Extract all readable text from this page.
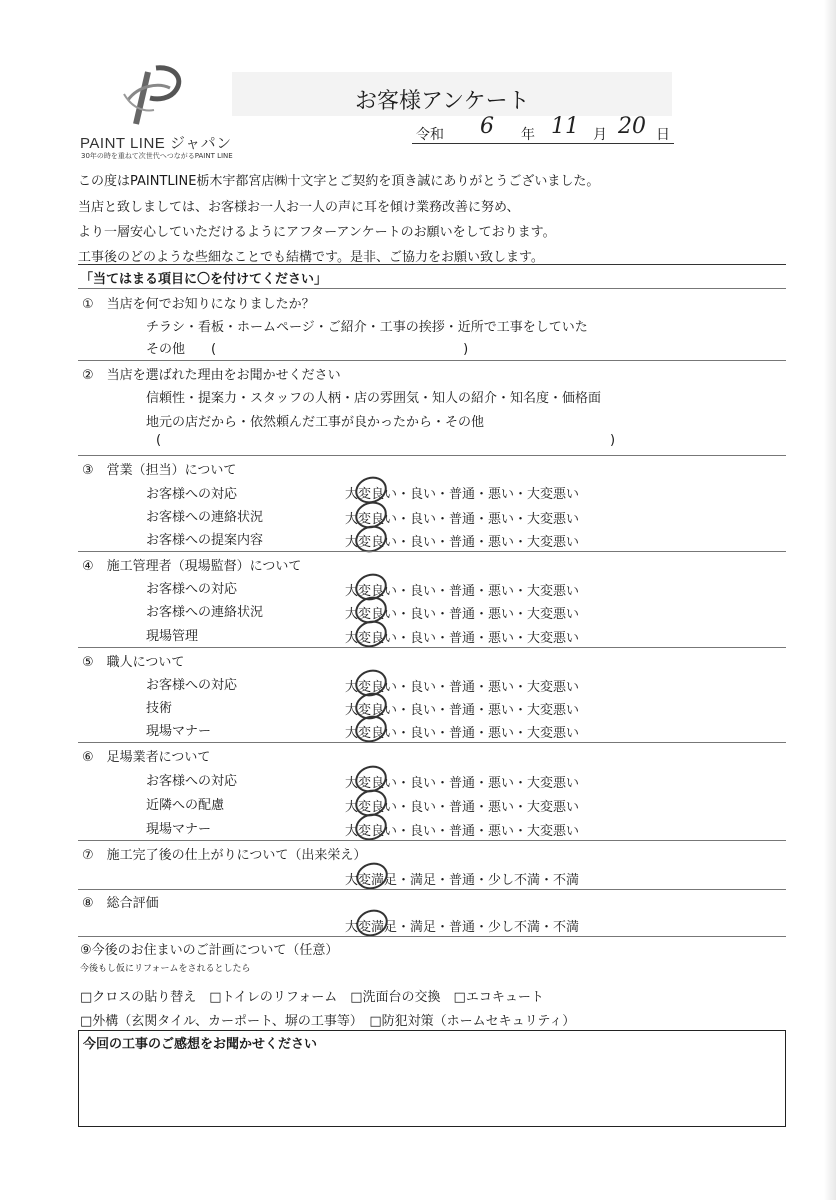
PAINT LINE ジャパン
30年の時を重ねて次世代へつながるPAINT LINE
お客様アンケート
令和 6 年 11 月 20 日
この度はPAINTLINE栃木宇都宮店㈱十文字とご契約を頂き誠にありがとうございました。
当店と致しましては、お客様お一人お一人の声に耳を傾け業務改善に努め、
より一層安心していただけるようにアフターアンケートのお願いをしております。
工事後のどのような些細なことでも結構です。是非、ご協力をお願い致します。
「当てはまる項目に〇を付けてください」
①　当店を何でお知りになりましたか？
チラシ・看板・ホームページ・ご紹介・工事の挨拶・近所で工事をしていた
その他　　(　　　　　　　　　　　　　　　　　　　)
②　当店を選ばれた理由をお聞かせください
信頼性・提案力・スタッフの人柄・店の雰囲気・知人の紹介・知名度・価格面
地元の店だから・依然頼んだ工事が良かったから・その他
(	)
③　営業（担当）について
お客様への対応	大変良い・良い・普通・悪い・大変悪い
お客様への連絡状況	大変良い・良い・普通・悪い・大変悪い
お客様への提案内容	大変良い・良い・普通・悪い・大変悪い
④　施工管理者（現場監督）について
お客様への対応	大変良い・良い・普通・悪い・大変悪い
お客様への連絡状況	大変良い・良い・普通・悪い・大変悪い
現場管理	大変良い・良い・普通・悪い・大変悪い
⑤　職人について
お客様への対応	大変良い・良い・普通・悪い・大変悪い
技術	大変良い・良い・普通・悪い・大変悪い
現場マナー	大変良い・良い・普通・悪い・大変悪い
⑥　足場業者について
お客様への対応	大変良い・良い・普通・悪い・大変悪い
近隣への配慮	大変良い・良い・普通・悪い・大変悪い
現場マナー	大変良い・良い・普通・悪い・大変悪い
⑦　施工完了後の仕上がりについて（出来栄え）
大変満足・満足・普通・少し不満・不満
⑧　総合評価
大変満足・満足・普通・少し不満・不満
⑨今後のお住まいのご計画について（任意）
今後もし仮にリフォームをされるとしたら
□クロスの貼り替え　□トイレのリフォーム　□洗面台の交換　□エコキュート
□外構（玄関タイル、カーポート、塀の工事等）　□防犯対策（ホームセキュリティ）
今回の工事のご感想をお聞かせください
